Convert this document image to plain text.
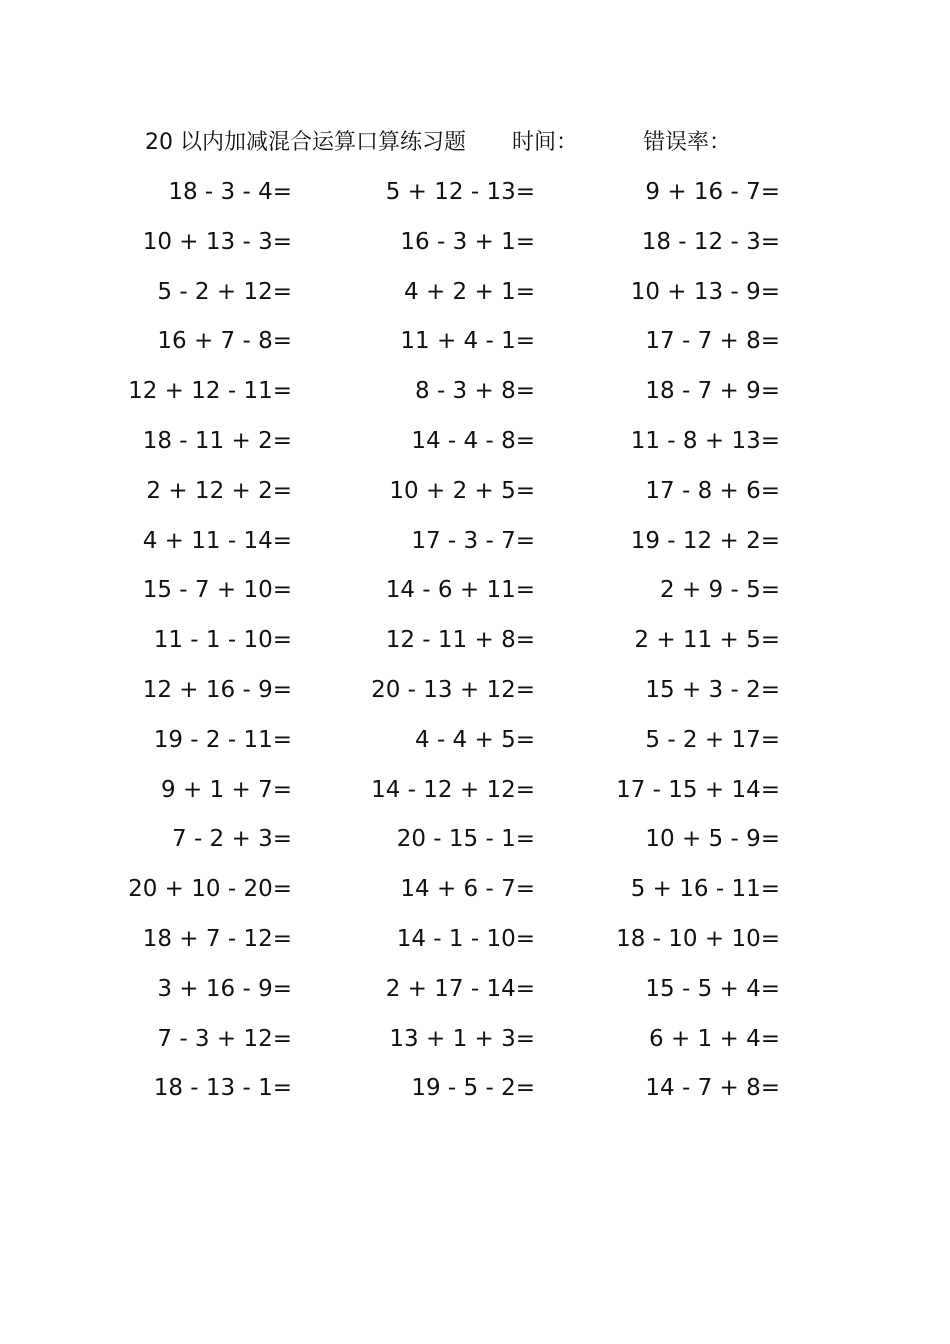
20 以内加减混合运算口算练习题 时间：	错误率：
18 - 3 - 4=	5 + 12 - 13=	9 + 16 - 7=
10 + 13 - 3=	16 - 3 + 1=	18 - 12 - 3=
5 - 2 + 12=	4 + 2 + 1=	10 + 13 - 9=
16 + 7 - 8=	11 + 4 - 1=	17 - 7 + 8=
12 + 12 - 11=	8 - 3 + 8=	18 - 7 + 9=
18 - 11 + 2=	14 - 4 - 8=	11 - 8 + 13=
2 + 12 + 2=	10 + 2 + 5=	17 - 8 + 6=
4 + 11 - 14=	17 - 3 - 7=	19 - 12 + 2=
15 - 7 + 10=	14 - 6 + 11=	2 + 9 - 5=
11 - 1 - 10=	12 - 11 + 8=	2 + 11 + 5=
12 + 16 - 9=	20 - 13 + 12=	15 + 3 - 2=
19 - 2 - 11=	4 - 4 + 5=	5 - 2 + 17=
9 + 1 + 7=	14 - 12 + 12=	17 - 15 + 14=
7 - 2 + 3=	20 - 15 - 1=	10 + 5 - 9=
20 + 10 - 20=	14 + 6 - 7=	5 + 16 - 11=
18 + 7 - 12=	14 - 1 - 10=	18 - 10 + 10=
3 + 16 - 9=	2 + 17 - 14=	15 - 5 + 4=
7 - 3 + 12=	13 + 1 + 3=	6 + 1 + 4=
18 - 13 - 1=	19 - 5 - 2=	14 - 7 + 8=
